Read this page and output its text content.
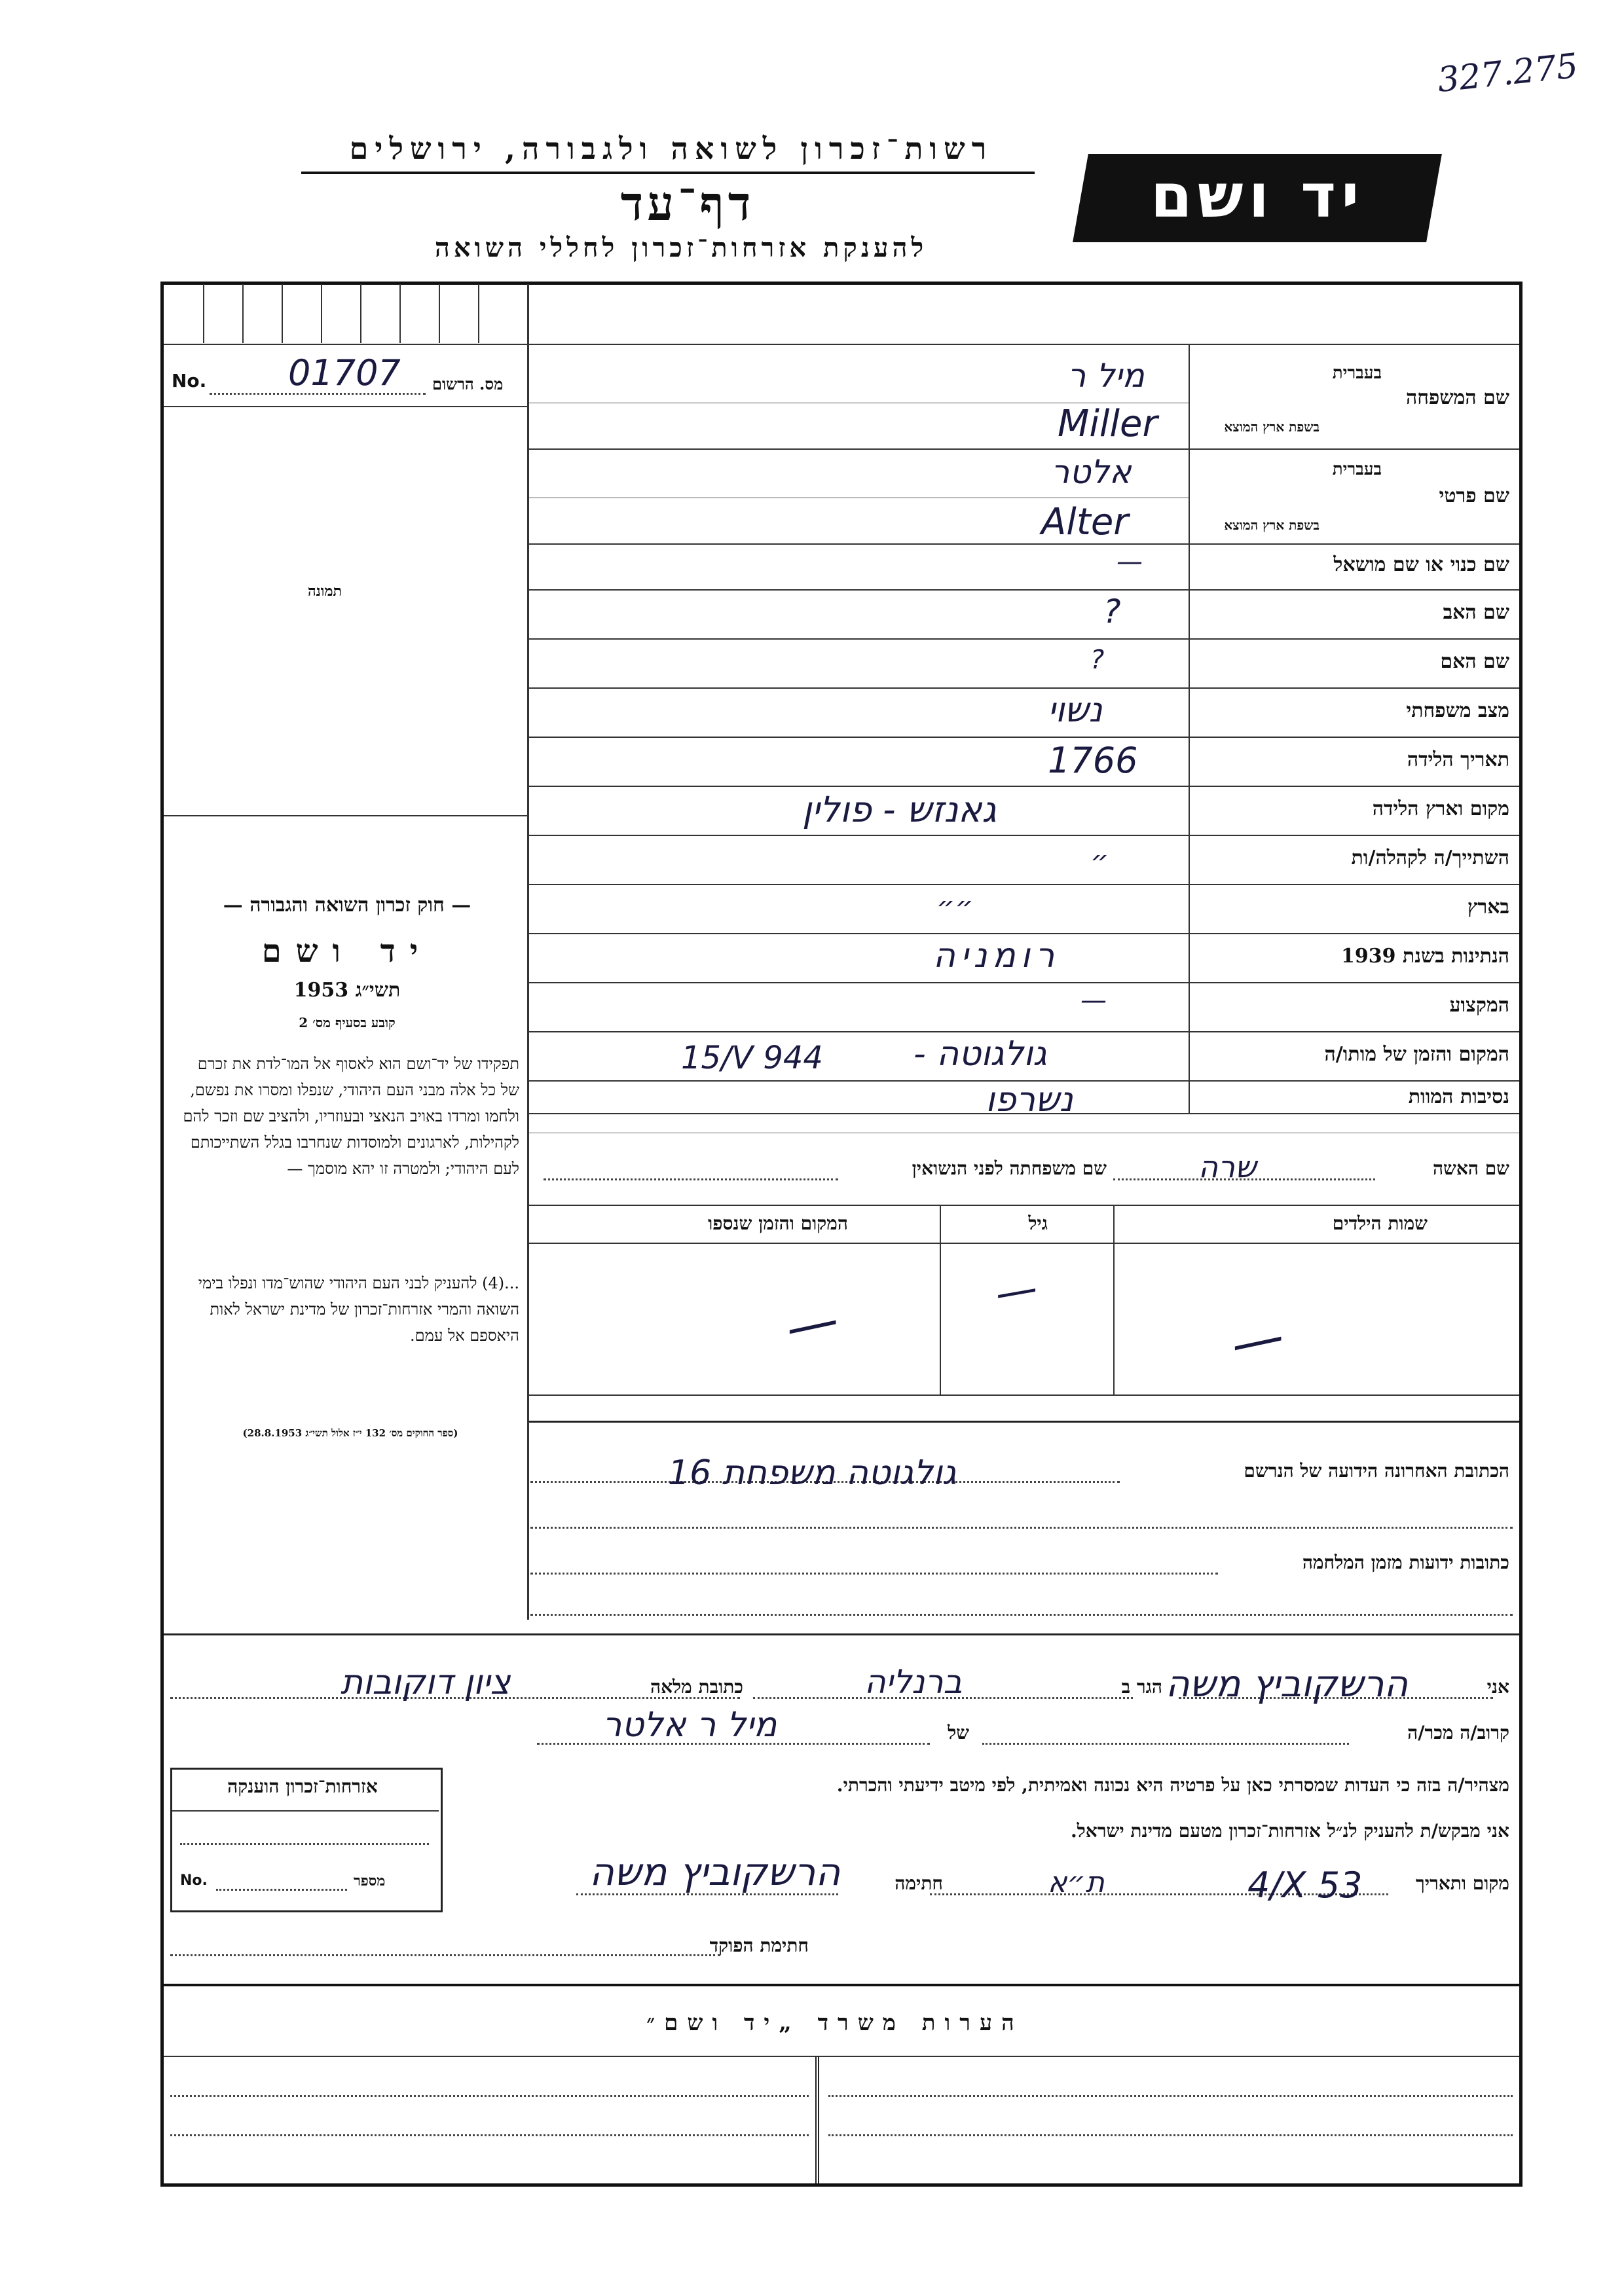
327.275
רשות־זכרון לשואה ולגבורה, ירושלים
דף־עד
להענקת אזרחות־זכרון לחללי השואה
יד ושם
No. 01707 מס. הרשום
תמונה
— חוק זכרון השואה והגבורה —
יד ושם
תשי״ג 1953
קובע בסעיף מס׳ 2
תפקידו של יד־ושם הוא לאסוף אל המו־לדת את זכרם של כל אלה מבני העם היהודי, שנפלו ומסרו את נפשם, ולחמו ומרדו באויב הנאצי ובעוזריו, ולהציב שם וזכר להם לקהילות, לארגונים ולמוסדות שנחרבו בגלל השתייכותם לעם היהודי; ולמטרה זו יהא מוסמך —
...(4) להעניק לבני העם היהודי שהוש־מדו ונפלו בימי השואה והמרי אזרחות־זכרון של מדינת ישראל לאות היאספם אל עמם.
(ספר החוקים מס׳ 132 י״ז אלול תשי״ג 28.8.1953)
שם המשפחה
בעברית
בשפת ארץ המוצא
מיל ר
Miller
שם פרטי
בעברית
בשפת ארץ המוצא
אלטר
Alter
שם כנוי או שם מושאל
—
שם האב
?
שם האם
?
מצב משפחתי
נשוי
תאריך הלידה
1766
מקום וארץ הלידה
גאנזש - פולין
השתייך/ה לקהלה/ות
״
בארץ
״״
הנתינות בשנת 1939
רומניה
המקצוע
—
המקום והזמן של מותו/ה
גולגוטה -
15/V 944
נסיבות המוות
נשרפו
שם האשה
שרה
שם משפחתה לפני הנשואין
שמות הילדים
גיל
המקום והזמן שנספו
—
—
—
הכתובת האחרונה הידועה של הנרשם
גולגוטה משפחת 16
כתובות ידועות מזמן המלחמה
אני
הרשקוביץ משה
הגר ב
ברנליה
כתובת מלאה
ציון דוקובות
קרוב/ה מכר/ה
של
מיל ר אלטר
מצהיר/ה בזה כי העדות שמסרתי כאן על פרטיה היא נכונה ואמיתית, לפי מיטב ידיעתי והכרתי.
אני מבקש/ת להעניק לנ״ל אזרחות־זכרון מטעם מדינת ישראל.
מקום ותאריך
ת״א	4/X 53
חתימה
הרשקוביץ משה
חתימת הפוקד
אזרחות־זכרון הוענקה
No.	מספר
הערות משרד „יד ושם״
